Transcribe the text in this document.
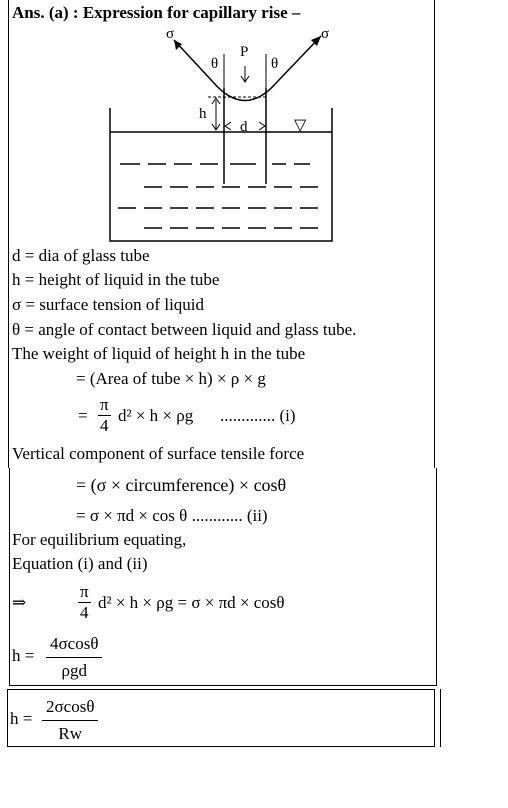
Ans. (a) : Expression for capillary rise –
σ	σ
θ	θ
P
h
d	▽
d = dia of glass tube
h = height of liquid in the tube
σ = surface tension of liquid
θ = angle of contact between liquid and glass tube.
The weight of liquid of height h in the tube
= (Area of tube × h) × ρ × g
= $\frac{\pi}{4} d^2 \times h \times \rho g$ ............. (i)
Vertical component of surface tensile force
= (σ × circumference) × cosθ
= σ × πd × cos θ ............ (ii)
For equilibrium equating,
Equation (i) and (ii)
⇒	$\frac{\pi}{4} d^2 \times h \times \rho g = \sigma \times \pi d \times \cos\theta$
h =
4σcosθ
ρgd
$h = \frac{2\sigma\cos\theta}{Rw}$
